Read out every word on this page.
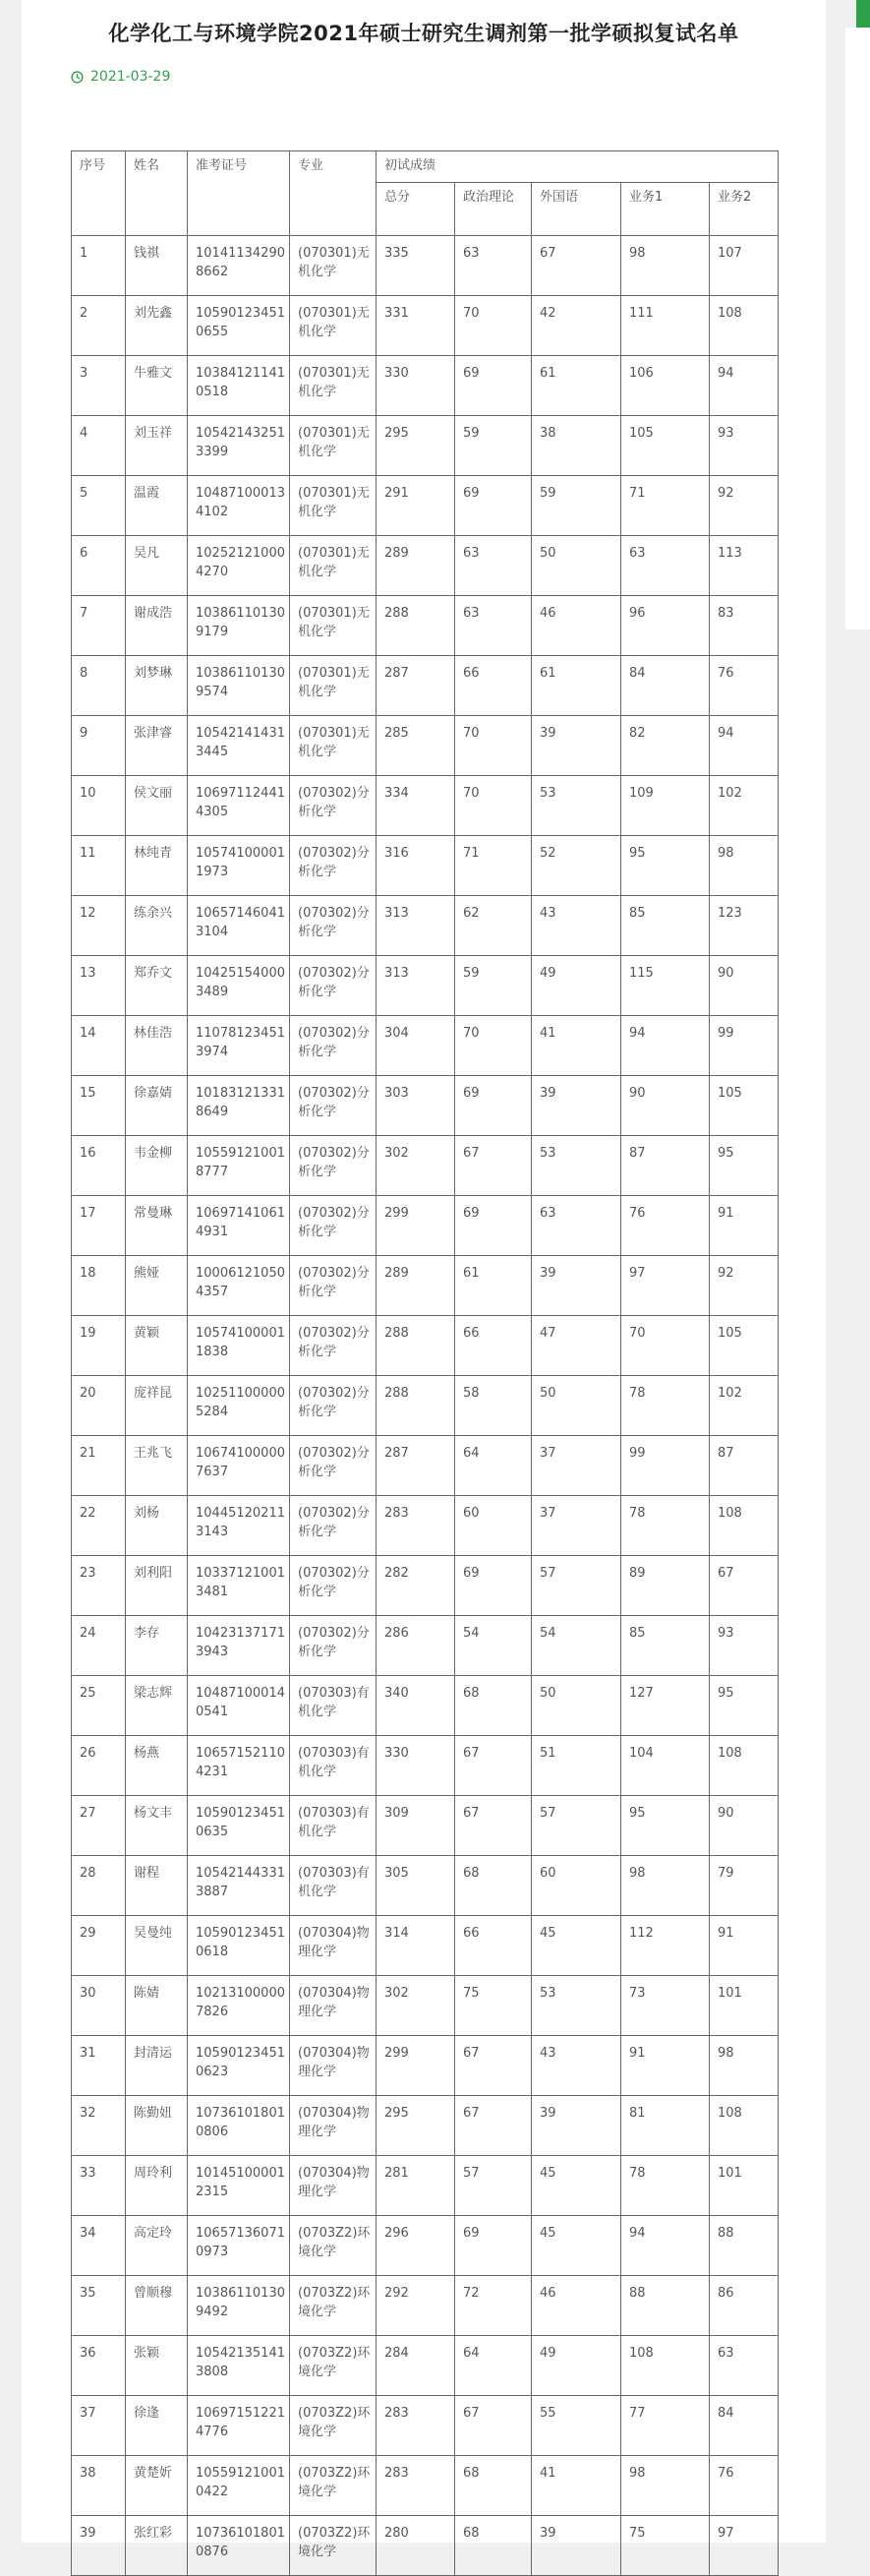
化学化工与环境学院2021年硕士研究生调剂第一批学硕拟复试名单
2021-03-29
序号	姓名	准考证号	专业	初试成绩				
				总分	政治理论	外国语	业务1	业务2
1	钱祺	101411342908662	(070301)无机化学	335	63	67	98	107
2	刘先鑫	105901234510655	(070301)无机化学	331	70	42	111	108
3	牛雅文	103841211410518	(070301)无机化学	330	69	61	106	94
4	刘玉祥	105421432513399	(070301)无机化学	295	59	38	105	93
5	温霞	104871000134102	(070301)无机化学	291	69	59	71	92
6	吴凡	102521210004270	(070301)无机化学	289	63	50	63	113
7	谢成浩	103861101309179	(070301)无机化学	288	63	46	96	83
8	刘梦琳	103861101309574	(070301)无机化学	287	66	61	84	76
9	张津睿	105421414313445	(070301)无机化学	285	70	39	82	94
10	侯文丽	106971124414305	(070302)分析化学	334	70	53	109	102
11	林纯青	105741000011973	(070302)分析化学	316	71	52	95	98
12	练余兴	106571460413104	(070302)分析化学	313	62	43	85	123
13	郑乔文	104251540003489	(070302)分析化学	313	59	49	115	90
14	林佳浩	110781234513974	(070302)分析化学	304	70	41	94	99
15	徐嘉婧	101831213318649	(070302)分析化学	303	69	39	90	105
16	韦金柳	105591210018777	(070302)分析化学	302	67	53	87	95
17	常曼琳	106971410614931	(070302)分析化学	299	69	63	76	91
18	熊娅	100061210504357	(070302)分析化学	289	61	39	97	92
19	黄颖	105741000011838	(070302)分析化学	288	66	47	70	105
20	庞祥昆	102511000005284	(070302)分析化学	288	58	50	78	102
21	王兆飞	106741000007637	(070302)分析化学	287	64	37	99	87
22	刘杨	104451202113143	(070302)分析化学	283	60	37	78	108
23	刘利阳	103371210013481	(070302)分析化学	282	69	57	89	67
24	李存	104231371713943	(070302)分析化学	286	54	54	85	93
25	梁志辉	104871000140541	(070303)有机化学	340	68	50	127	95
26	杨燕	106571521104231	(070303)有机化学	330	67	51	104	108
27	杨文丰	105901234510635	(070303)有机化学	309	67	57	95	90
28	谢程	105421443313887	(070303)有机化学	305	68	60	98	79
29	吴曼纯	105901234510618	(070304)物理化学	314	66	45	112	91
30	陈婧	102131000007826	(070304)物理化学	302	75	53	73	101
31	封清运	105901234510623	(070304)物理化学	299	67	43	91	98
32	陈勤妞	107361018010806	(070304)物理化学	295	67	39	81	108
33	周玲利	101451000012315	(070304)物理化学	281	57	45	78	101
34	高定玲	106571360710973	(0703Z2)环境化学	296	69	45	94	88
35	曾顺穆	103861101309492	(0703Z2)环境化学	292	72	46	88	86
36	张颖	105421351413808	(0703Z2)环境化学	284	64	49	108	63
37	徐逢	106971512214776	(0703Z2)环境化学	283	67	55	77	84
38	黄楚妡	105591210010422	(0703Z2)环境化学	283	68	41	98	76
39	张红彩	107361018010876	(0703Z2)环境化学	280	68	39	75	97
